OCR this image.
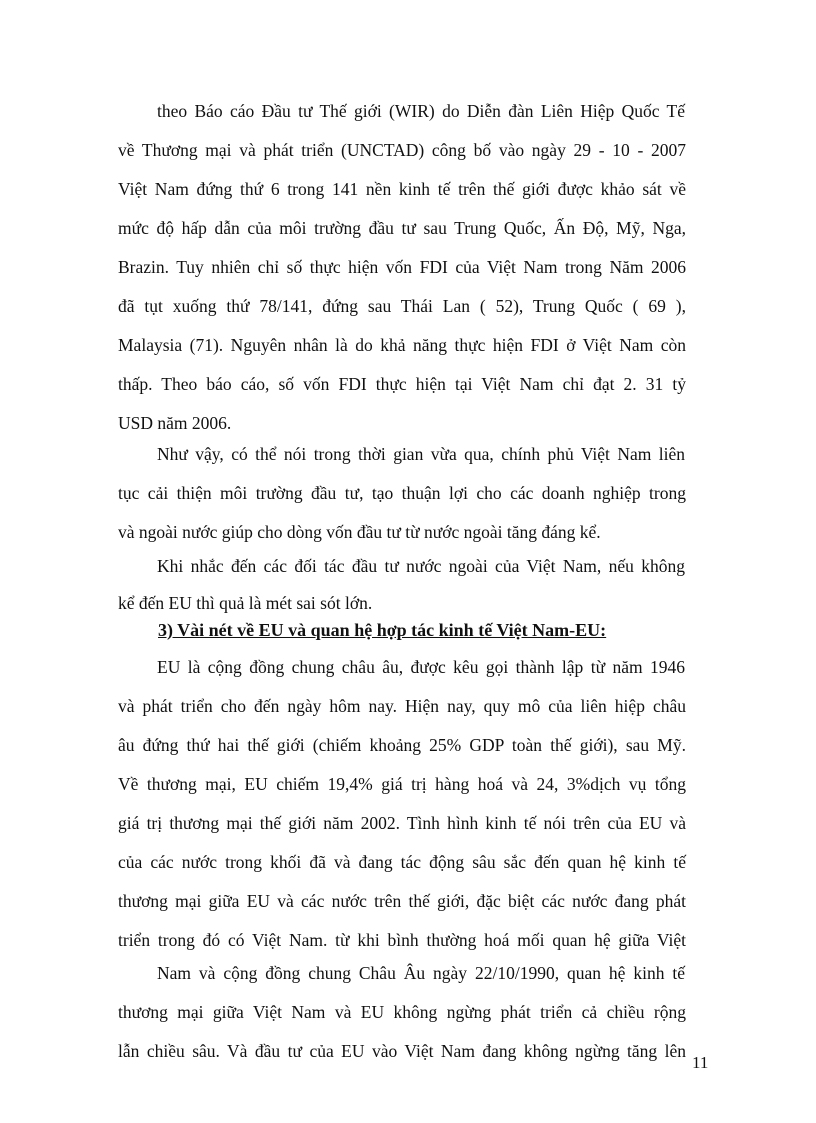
theo Báo cáo Đầu tư Thế giới (WIR) do Diễn đàn Liên Hiệp Quốc Tế

về Thương mại và phát triển (UNCTAD) công bố vào ngày 29 - 10 - 2007

Việt Nam đứng thứ 6 trong 141 nền kinh tế trên thế giới được khảo sát về

mức độ hấp dẫn của môi trường đầu tư sau Trung Quốc, Ấn Độ, Mỹ, Nga,

Brazin. Tuy nhiên chỉ số thực hiện vốn FDI của Việt Nam trong Năm 2006

đã tụt xuống thứ 78/141, đứng sau Thái Lan ( 52), Trung Quốc ( 69 ),

Malaysia (71). Nguyên nhân là do khả năng thực hiện FDI ở Việt Nam còn

thấp. Theo báo cáo, số vốn FDI thực hiện tại Việt Nam chỉ đạt 2. 31 tỷ

USD năm 2006.

Như vậy, có thể nói trong thời gian vừa qua, chính phủ Việt Nam liên

tục cải thiện môi trường đầu tư, tạo thuận lợi cho các doanh nghiệp trong

và ngoài nước giúp cho dòng vốn đầu tư từ nước ngoài tăng đáng kể.

Khi nhắc đến các đối tác đầu tư nước ngoài của Việt Nam, nếu không

kể đến EU thì quả là mét sai sót lớn.

3) Vài nét về EU và quan hệ hợp tác kinh tế Việt Nam-EU:

EU là cộng đồng chung châu âu, được kêu gọi thành lập từ năm 1946

và phát triển cho đến ngày hôm nay. Hiện nay, quy mô của liên hiệp châu

âu đứng thứ hai thế giới (chiếm khoảng 25% GDP toàn thế giới), sau Mỹ.

Về thương mại, EU chiếm 19,4% giá trị hàng hoá và 24, 3%dịch vụ tổng

giá trị thương mại thế giới năm 2002. Tình hình kinh tế nói trên của EU và

của các nước trong khối đã và đang tác động sâu sắc đến quan hệ kinh tế

thương mại giữa EU và các nước trên thế giới, đặc biệt các nước đang phát

triển trong đó có Việt Nam. từ khi bình thường hoá mối quan hệ giữa Việt

Nam và cộng đồng chung Châu Âu ngày 22/10/1990, quan hệ kinh tế

thương mại giữa Việt Nam và EU không ngừng phát triển cả chiều rộng

lẫn chiều sâu. Và đầu tư của EU vào Việt Nam đang không ngừng tăng lên

11
